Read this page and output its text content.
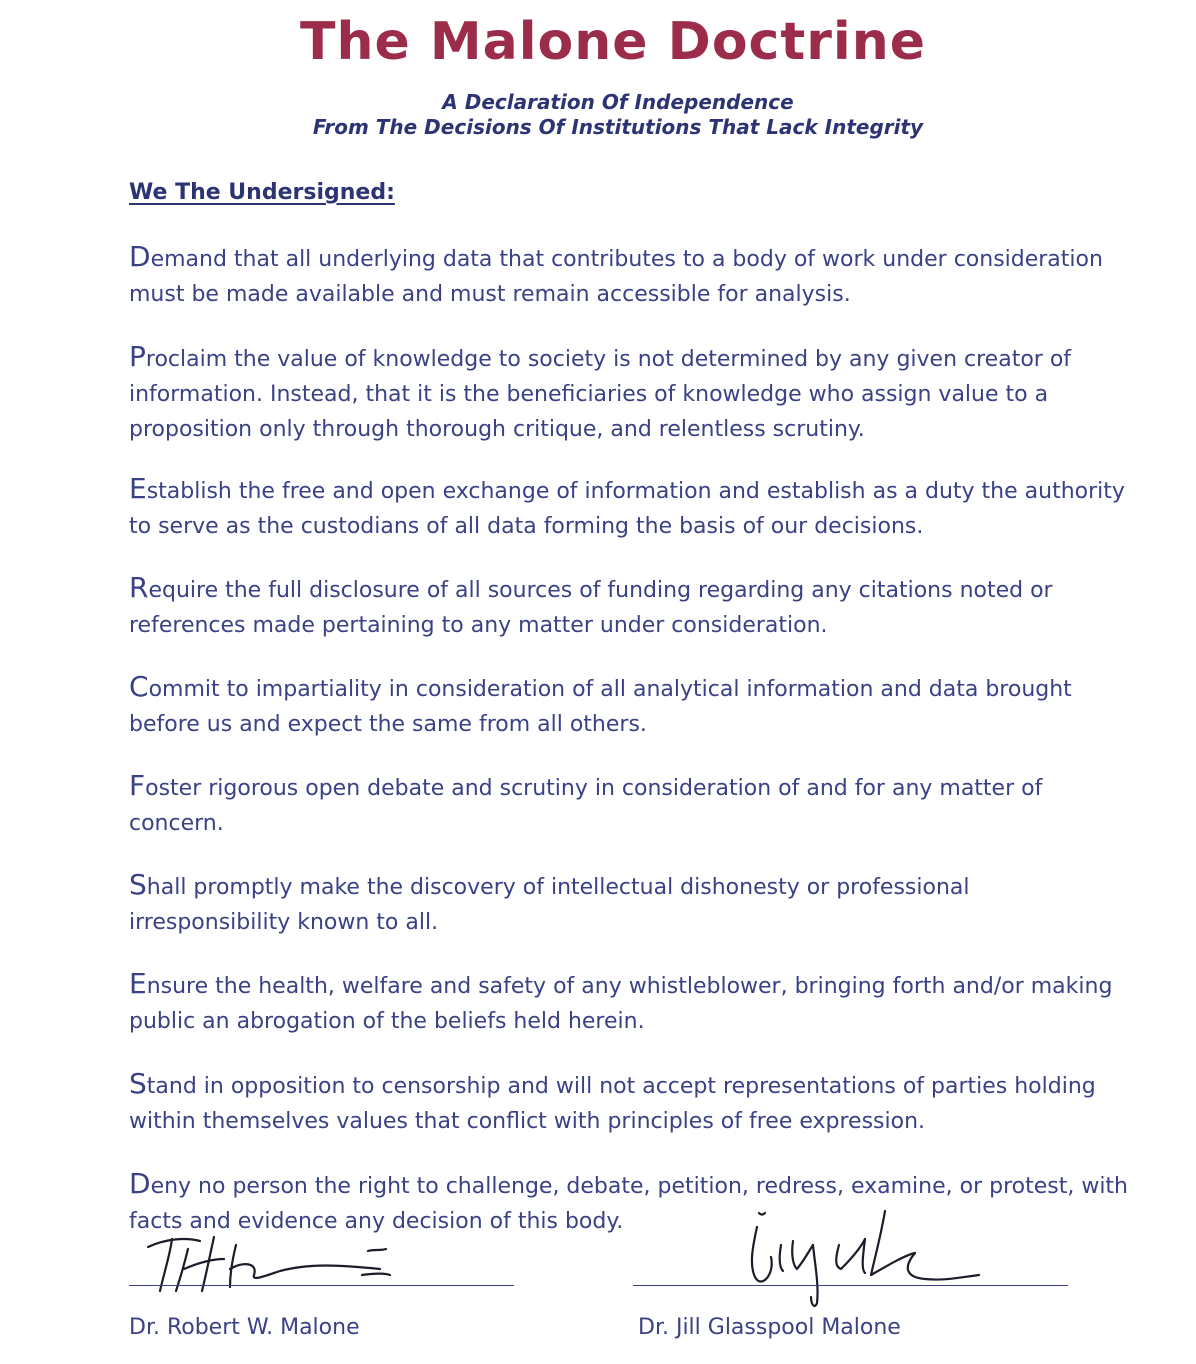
The Malone Doctrine
A Declaration Of Independence
From The Decisions Of Institutions That Lack Integrity
We The Undersigned:

Demand that all underlying data that contributes to a body of work under consideration must be made available and must remain accessible for analysis.

Proclaim the value of knowledge to society is not determined by any given creator of information. Instead, that it is the beneficiaries of knowledge who assign value to a proposition only through thorough critique, and relentless scrutiny.

Establish the free and open exchange of information and establish as a duty the authority to serve as the custodians of all data forming the basis of our decisions.

Require the full disclosure of all sources of funding regarding any citations noted or references made pertaining to any matter under consideration.

Commit to impartiality in consideration of all analytical information and data brought before us and expect the same from all others.

Foster rigorous open debate and scrutiny in consideration of and for any matter of concern.

Shall promptly make the discovery of intellectual dishonesty or professional irresponsibility known to all.

Ensure the health, welfare and safety of any whistleblower, bringing forth and/or making public an abrogation of the beliefs held herein.

Stand in opposition to censorship and will not accept representations of parties holding within themselves values that conflict with principles of free expression.

Deny no person the right to challenge, debate, petition, redress, examine, or protest, with facts and evidence any decision of this body.

Dr. Robert W. Malone	Dr. Jill Glasspool Malone
